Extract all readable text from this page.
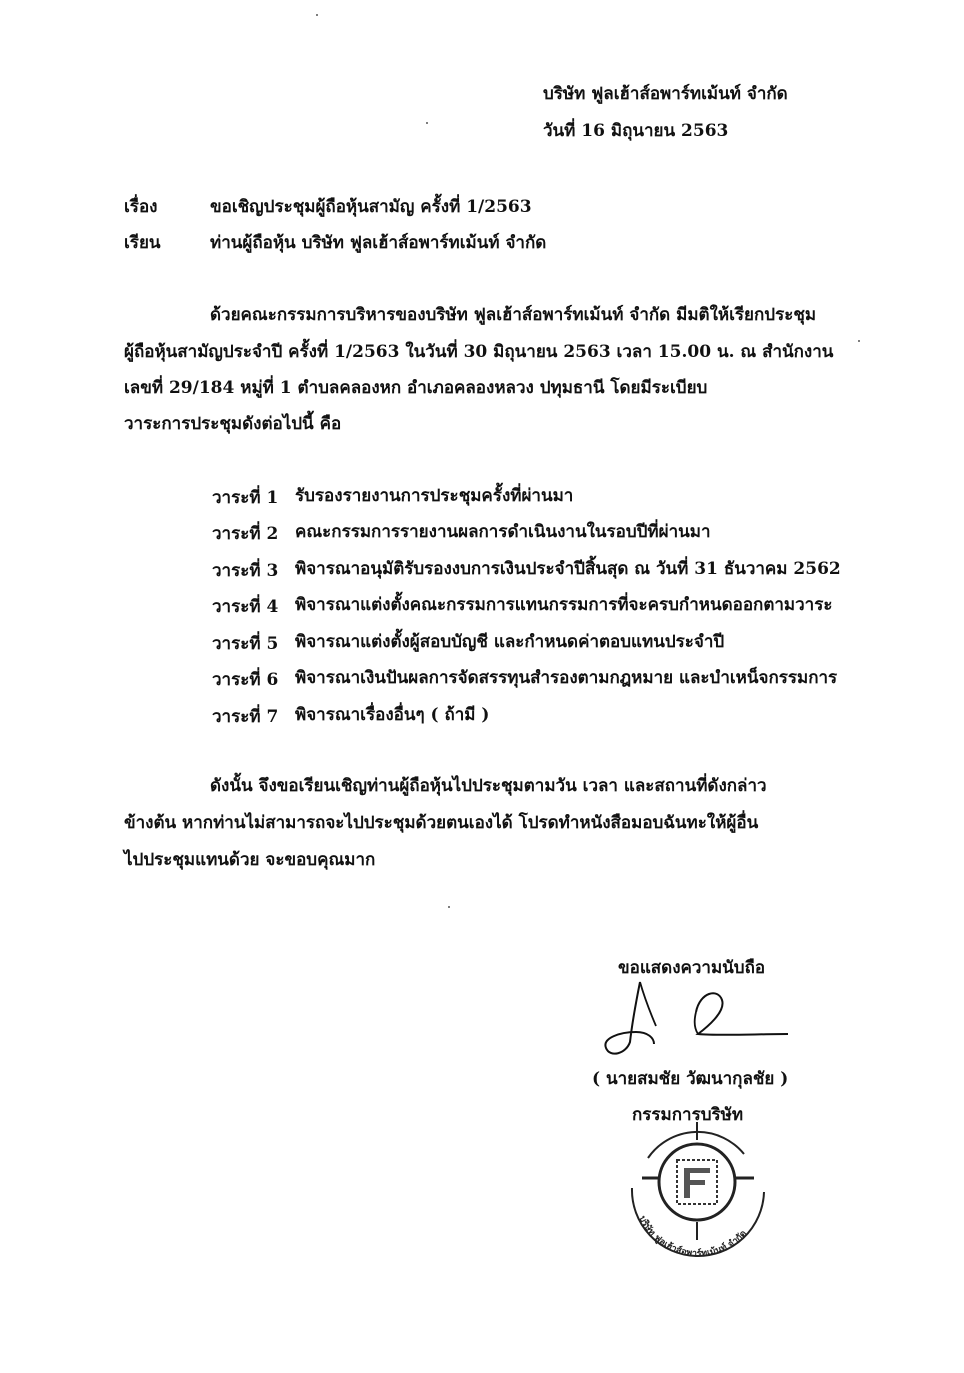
บริษัท ฟูลเฮ้าส์อพาร์ทเม้นท์ จำกัด
วันที่ 16 มิถุนายน 2563
เรื่อง	ขอเชิญประชุมผู้ถือหุ้นสามัญ ครั้งที่ 1/2563
เรียน	ท่านผู้ถือหุ้น บริษัท ฟูลเฮ้าส์อพาร์ทเม้นท์ จำกัด
ด้วยคณะกรรมการบริหารของบริษัท ฟูลเฮ้าส์อพาร์ทเม้นท์ จำกัด มีมติให้เรียกประชุม
ผู้ถือหุ้นสามัญประจำปี ครั้งที่ 1/2563 ในวันที่ 30 มิถุนายน 2563 เวลา 15.00 น. ณ สำนักงาน
เลขที่ 29/184 หมู่ที่ 1 ตำบลคลองหก อำเภอคลองหลวง ปทุมธานี โดยมีระเบียบ
วาระการประชุมดังต่อไปนี้ คือ
วาระที่ 1 รับรองรายงานการประชุมครั้งที่ผ่านมา
วาระที่ 2 คณะกรรมการรายงานผลการดำเนินงานในรอบปีที่ผ่านมา
วาระที่ 3 พิจารณาอนุมัติรับรองงบการเงินประจำปีสิ้นสุด ณ วันที่ 31 ธันวาคม 2562
วาระที่ 4 พิจารณาแต่งตั้งคณะกรรมการแทนกรรมการที่จะครบกำหนดออกตามวาระ
วาระที่ 5 พิจารณาแต่งตั้งผู้สอบบัญชี และกำหนดค่าตอบแทนประจำปี
วาระที่ 6 พิจารณาเงินปันผลการจัดสรรทุนสำรองตามกฎหมาย และบำเหน็จกรรมการ
วาระที่ 7 พิจารณาเรื่องอื่นๆ ( ถ้ามี )
ดังนั้น จึงขอเรียนเชิญท่านผู้ถือหุ้นไปประชุมตามวัน เวลา และสถานที่ดังกล่าว
ข้างต้น หากท่านไม่สามารถจะไปประชุมด้วยตนเองได้ โปรดทำหนังสือมอบฉันทะให้ผู้อื่น
ไปประชุมแทนด้วย จะขอบคุณมาก
ขอแสดงความนับถือ
( นายสมชัย วัฒนากุลชัย )
กรรมการบริษัท
บริษัท ฟูลเฮ้าส์อพาร์ทเม้นท์ จำกัด
